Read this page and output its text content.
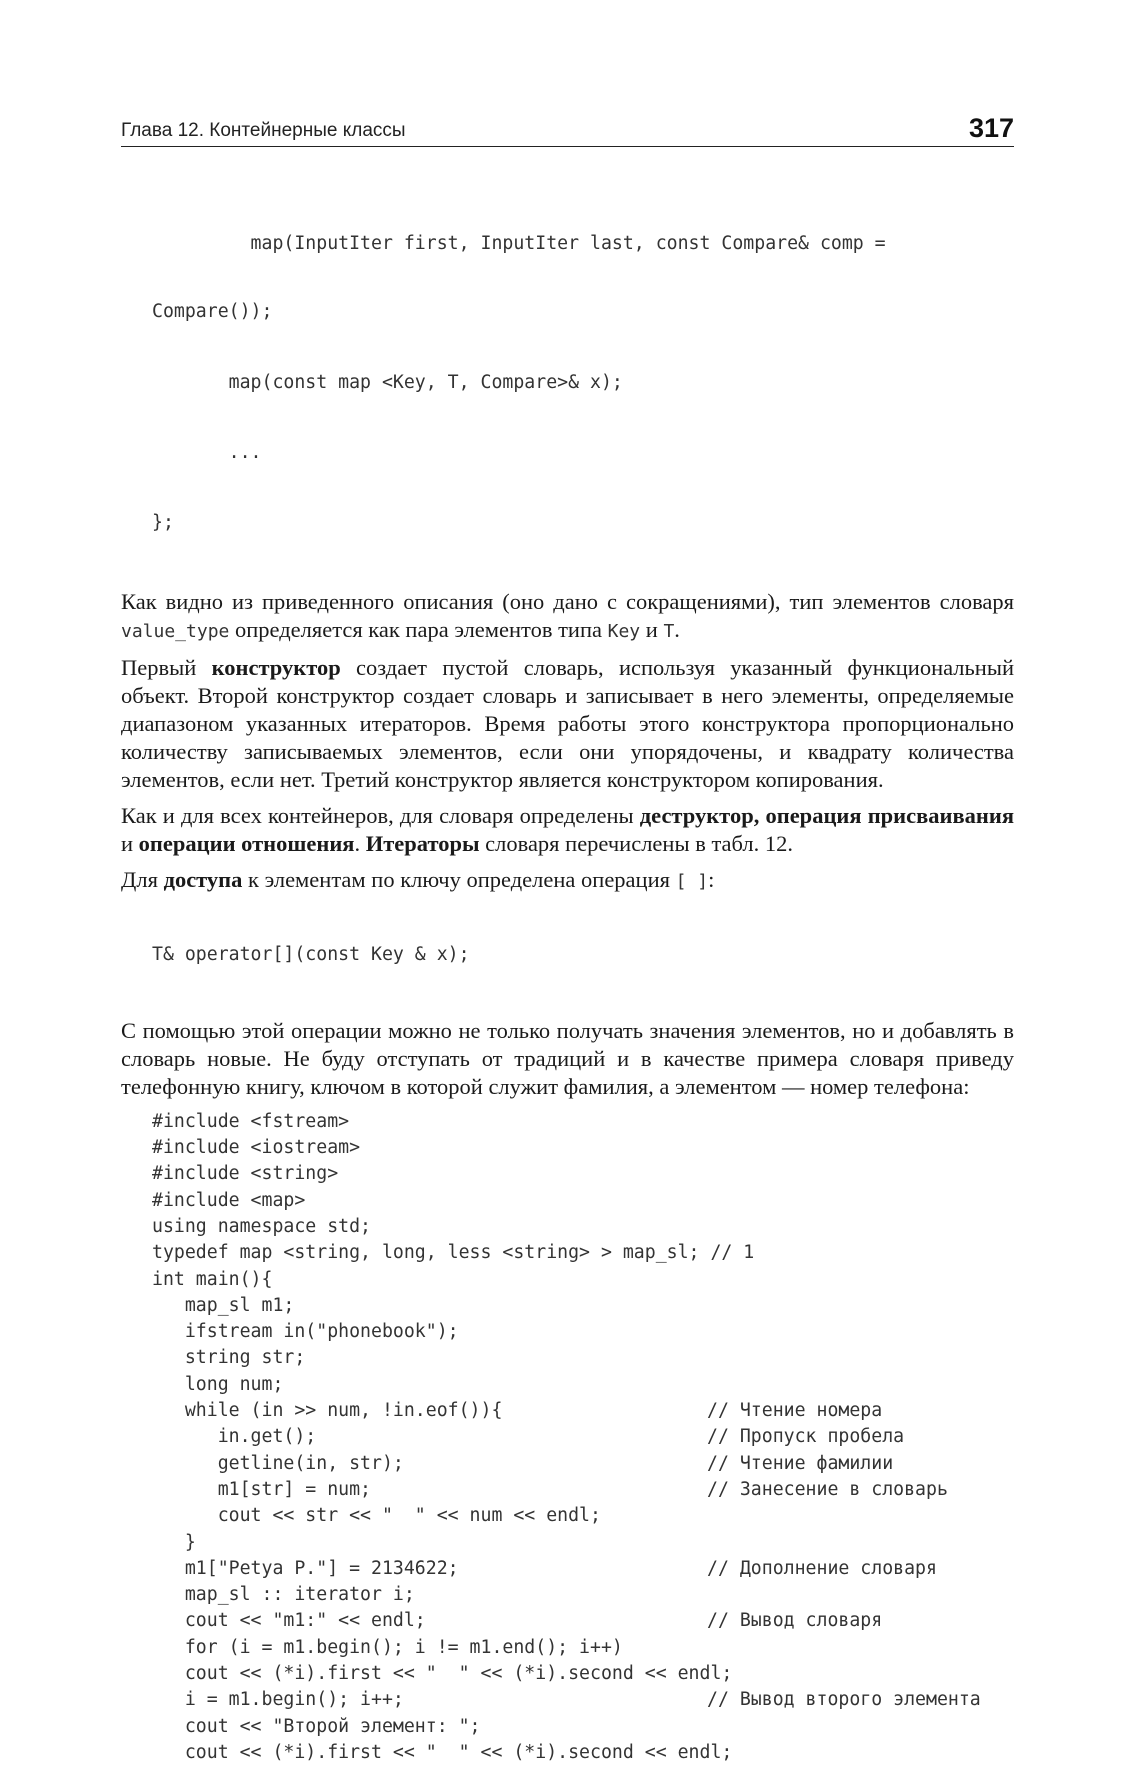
Глава 12. Контейнерные классы	317

map(InputIter first, InputIter last, const Compare& comp =

Compare());

map(const map <Key, T, Compare>& x);

...

};

Как видно из приведенного описания (оно дано с сокращениями), тип элементов словаря value_type определяется как пара элементов типа Key и T.

Первый конструктор создает пустой словарь, используя указанный функциональный объект. Второй конструктор создает словарь и записывает в него элементы, определяемые диапазоном указанных итераторов. Время работы этого конструктора пропорционально количеству записываемых элементов, если они упорядочены, и квадрату количества элементов, если нет. Третий конструктор является конструктором копирования.

Как и для всех контейнеров, для словаря определены деструктор, операция присваивания и операции отношения. Итераторы словаря перечислены в табл. 12.

Для доступа к элементам по ключу определена операция [ ]:

T& operator[](const Key & x);

С помощью этой операции можно не только получать значения элементов, но и добавлять в словарь новые. Не буду отступать от традиций и в качестве примера словаря приведу телефонную книгу, ключом в которой служит фамилия, а элементом — номер телефона:

#include <fstream>
#include <iostream>
#include <string>
#include <map>
using namespace std;
typedef map <string, long, less <string> > map_sl; // 1
int main(){
map_sl m1;
ifstream in("phonebook");
string str;
long num;
while (in >> num, !in.eof()){	// Чтение номера
in.get();	// Пропуск пробела
getline(in, str);	// Чтение фамилии
m1[str] = num;	// Занесение в словарь
cout << str << "  " << num << endl;
}
m1["Petya P."] = 2134622;	// Дополнение словаря
map_sl :: iterator i;
cout << "m1:" << endl;	// Вывод словаря
for (i = m1.begin(); i != m1.end(); i++)
cout << (*i).first << "  " << (*i).second << endl;
i = m1.begin(); i++;	// Вывод второго элемента
cout << "Второй элемент: ";
cout << (*i).first << "  " << (*i).second << endl;
